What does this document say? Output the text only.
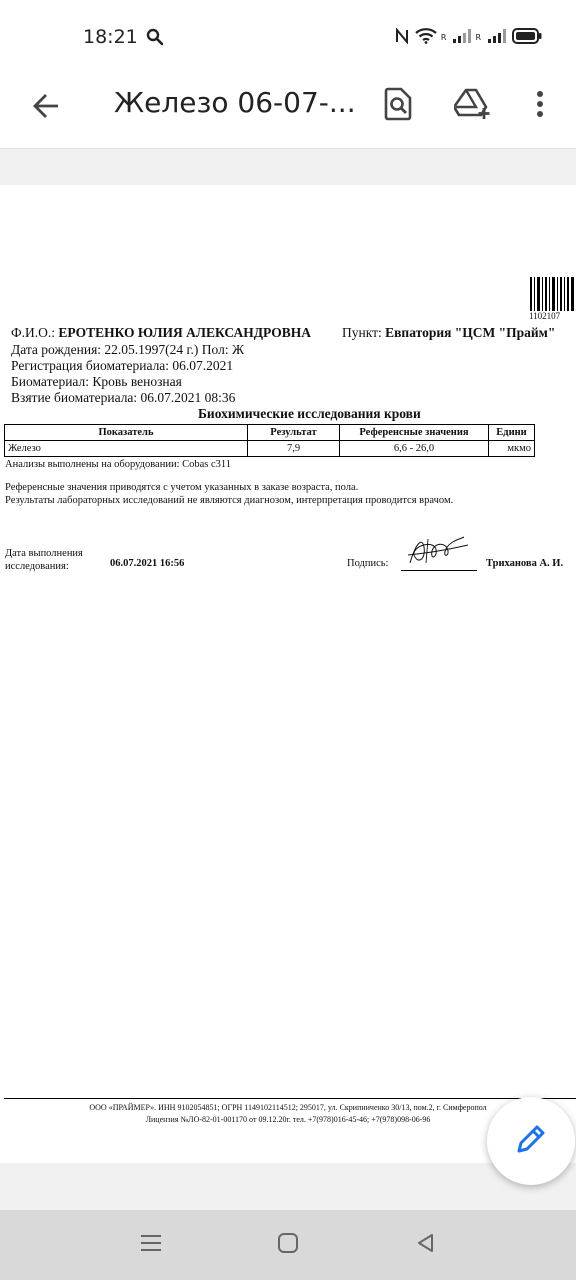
18:21	R	R
Железо 06-07-...
1102107
Ф.И.О.: ЕРОТЕНКО ЮЛИЯ АЛЕКСАНДРОВНА Пункт: Евпатория "ЦСМ "Прайм"
Дата рождения: 22.05.1997(24 г.) Пол: Ж
Регистрация биоматериала: 06.07.2021
Биоматериал: Кровь венозная
Взятие биоматериала: 06.07.2021 08:36
Биохимические исследования крови
Показатель	Результат	Референсные значения	Едини
Железо	7,9	6,6 - 26,0	мкмо
Анализы выполнены на оборудовании: Cobas c311
Референсные значения приводятся с учетом указанных в заказе возраста, пола.
Результаты лабораторных исследований не являются диагнозом, интерпретация проводится врачом.
Дата выполнения
исследования:	06.07.2021 16:56	Подпись:	Триханова А. И.
ООО «ПРАЙМЕР». ИНН 9102054851; ОГРН 1149102114512; 295017, ул. Скрипниченко 30/13, пом.2, г. Симферопол
Лицензия №ЛО-82-01-001170 от 09.12.20г. тел. +7(978)016-45-46; +7(978)098-06-96
